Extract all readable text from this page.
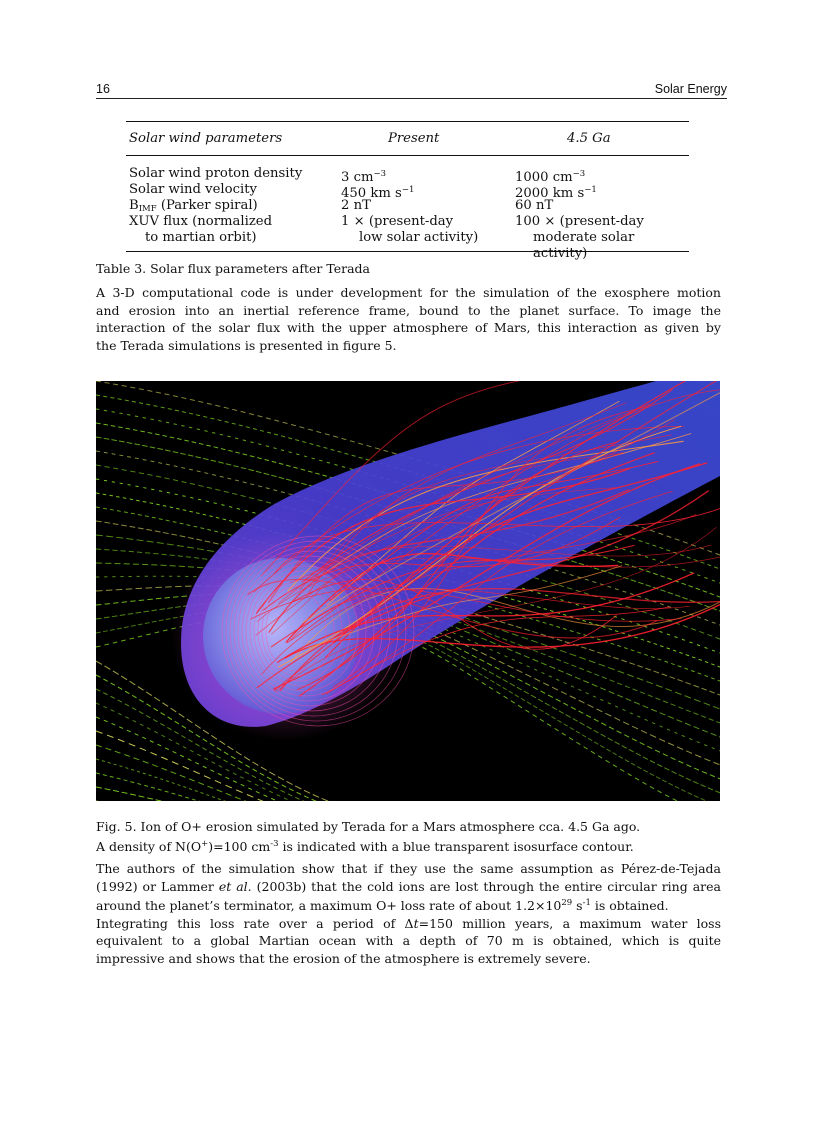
16	Solar Energy
Solar wind parameters	Present	4.5 Ga
Solar wind proton density	3 $cm^{-3}$	1000 $cm^{-3}$
Solar wind velocity	450 km $s^{-1}$	2000 km $s^{-1}$
$B_{IMF}$ (Parker spiral)	2 nT	60 nT
XUV flux (normalized	1 × (present-day	100 × (present-day
to martian orbit)	low solar activity)	moderate solar activity)
Table 3. Solar flux parameters after Terada
A 3-D computational code is under development for the simulation of the exosphere motion
and erosion into an inertial reference frame, bound to the planet surface. To image the
interaction of the solar flux with the upper atmosphere of Mars, this interaction as given by
the Terada simulations is presented in figure 5.
Fig. 5. Ion of O+ erosion simulated by Terada for a Mars atmosphere cca. 4.5 Ga ago.
A density of N(O+)=100 $cm^{-3}$ is indicated with a blue transparent isosurface contour.
The authors of the simulation show that if they use the same assumption as Pérez-de-Tejada
(1992) or Lammer et al. (2003b) that the cold ions are lost through the entire circular ring area
around the planet’s terminator, a maximum O+ loss rate of about $1.2\times 10^{29}$ $s^{-1}$ is obtained.
Integrating this loss rate over a period of Δt=150 million years, a maximum water loss
equivalent to a global Martian ocean with a depth of 70 m is obtained, which is quite
impressive and shows that the erosion of the atmosphere is extremely severe.
